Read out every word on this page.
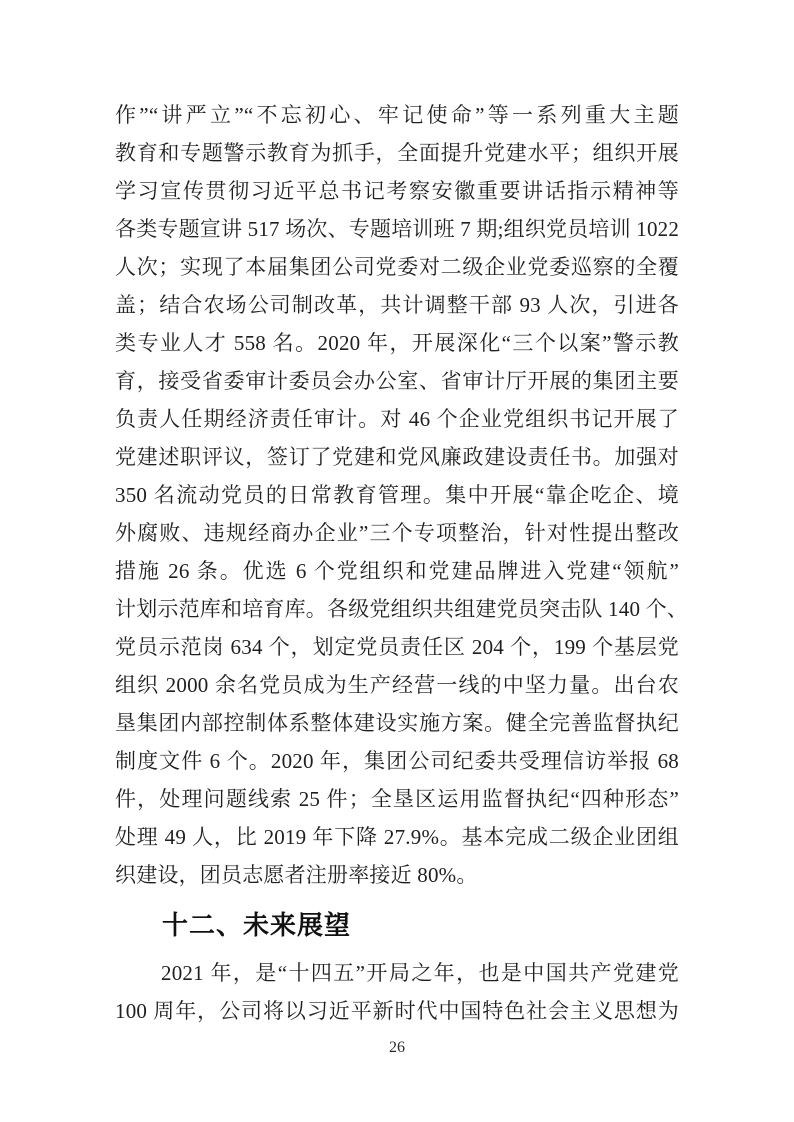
作”“讲严立”“不忘初心、牢记使命”等一系列重大主题
教育和专题警示教育为抓手，全面提升党建水平；组织开展
学习宣传贯彻习近平总书记考察安徽重要讲话指示精神等
各类专题宣讲 517 场次、专题培训班 7 期;组织党员培训 1022
人次；实现了本届集团公司党委对二级企业党委巡察的全覆
盖；结合农场公司制改革，共计调整干部 93 人次，引进各
类专业人才 558 名。2020 年，开展深化“三个以案”警示教
育，接受省委审计委员会办公室、省审计厅开展的集团主要
负责人任期经济责任审计。对 46 个企业党组织书记开展了
党建述职评议，签订了党建和党风廉政建设责任书。加强对
350 名流动党员的日常教育管理。集中开展“靠企吃企、境
外腐败、违规经商办企业”三个专项整治，针对性提出整改
措施 26 条。优选 6 个党组织和党建品牌进入党建“领航”
计划示范库和培育库。各级党组织共组建党员突击队 140 个、
党员示范岗 634 个，划定党员责任区 204 个，199 个基层党
组织 2000 余名党员成为生产经营一线的中坚力量。出台农
垦集团内部控制体系整体建设实施方案。健全完善监督执纪
制度文件 6 个。2020 年，集团公司纪委共受理信访举报 68
件，处理问题线索 25 件；全垦区运用监督执纪“四种形态”
处理 49 人，比 2019 年下降 27.9%。基本完成二级企业团组
织建设，团员志愿者注册率接近 80%。
十二、未来展望
2021 年，是“十四五”开局之年，也是中国共产党建党
100 周年，公司将以习近平新时代中国特色社会主义思想为
26
